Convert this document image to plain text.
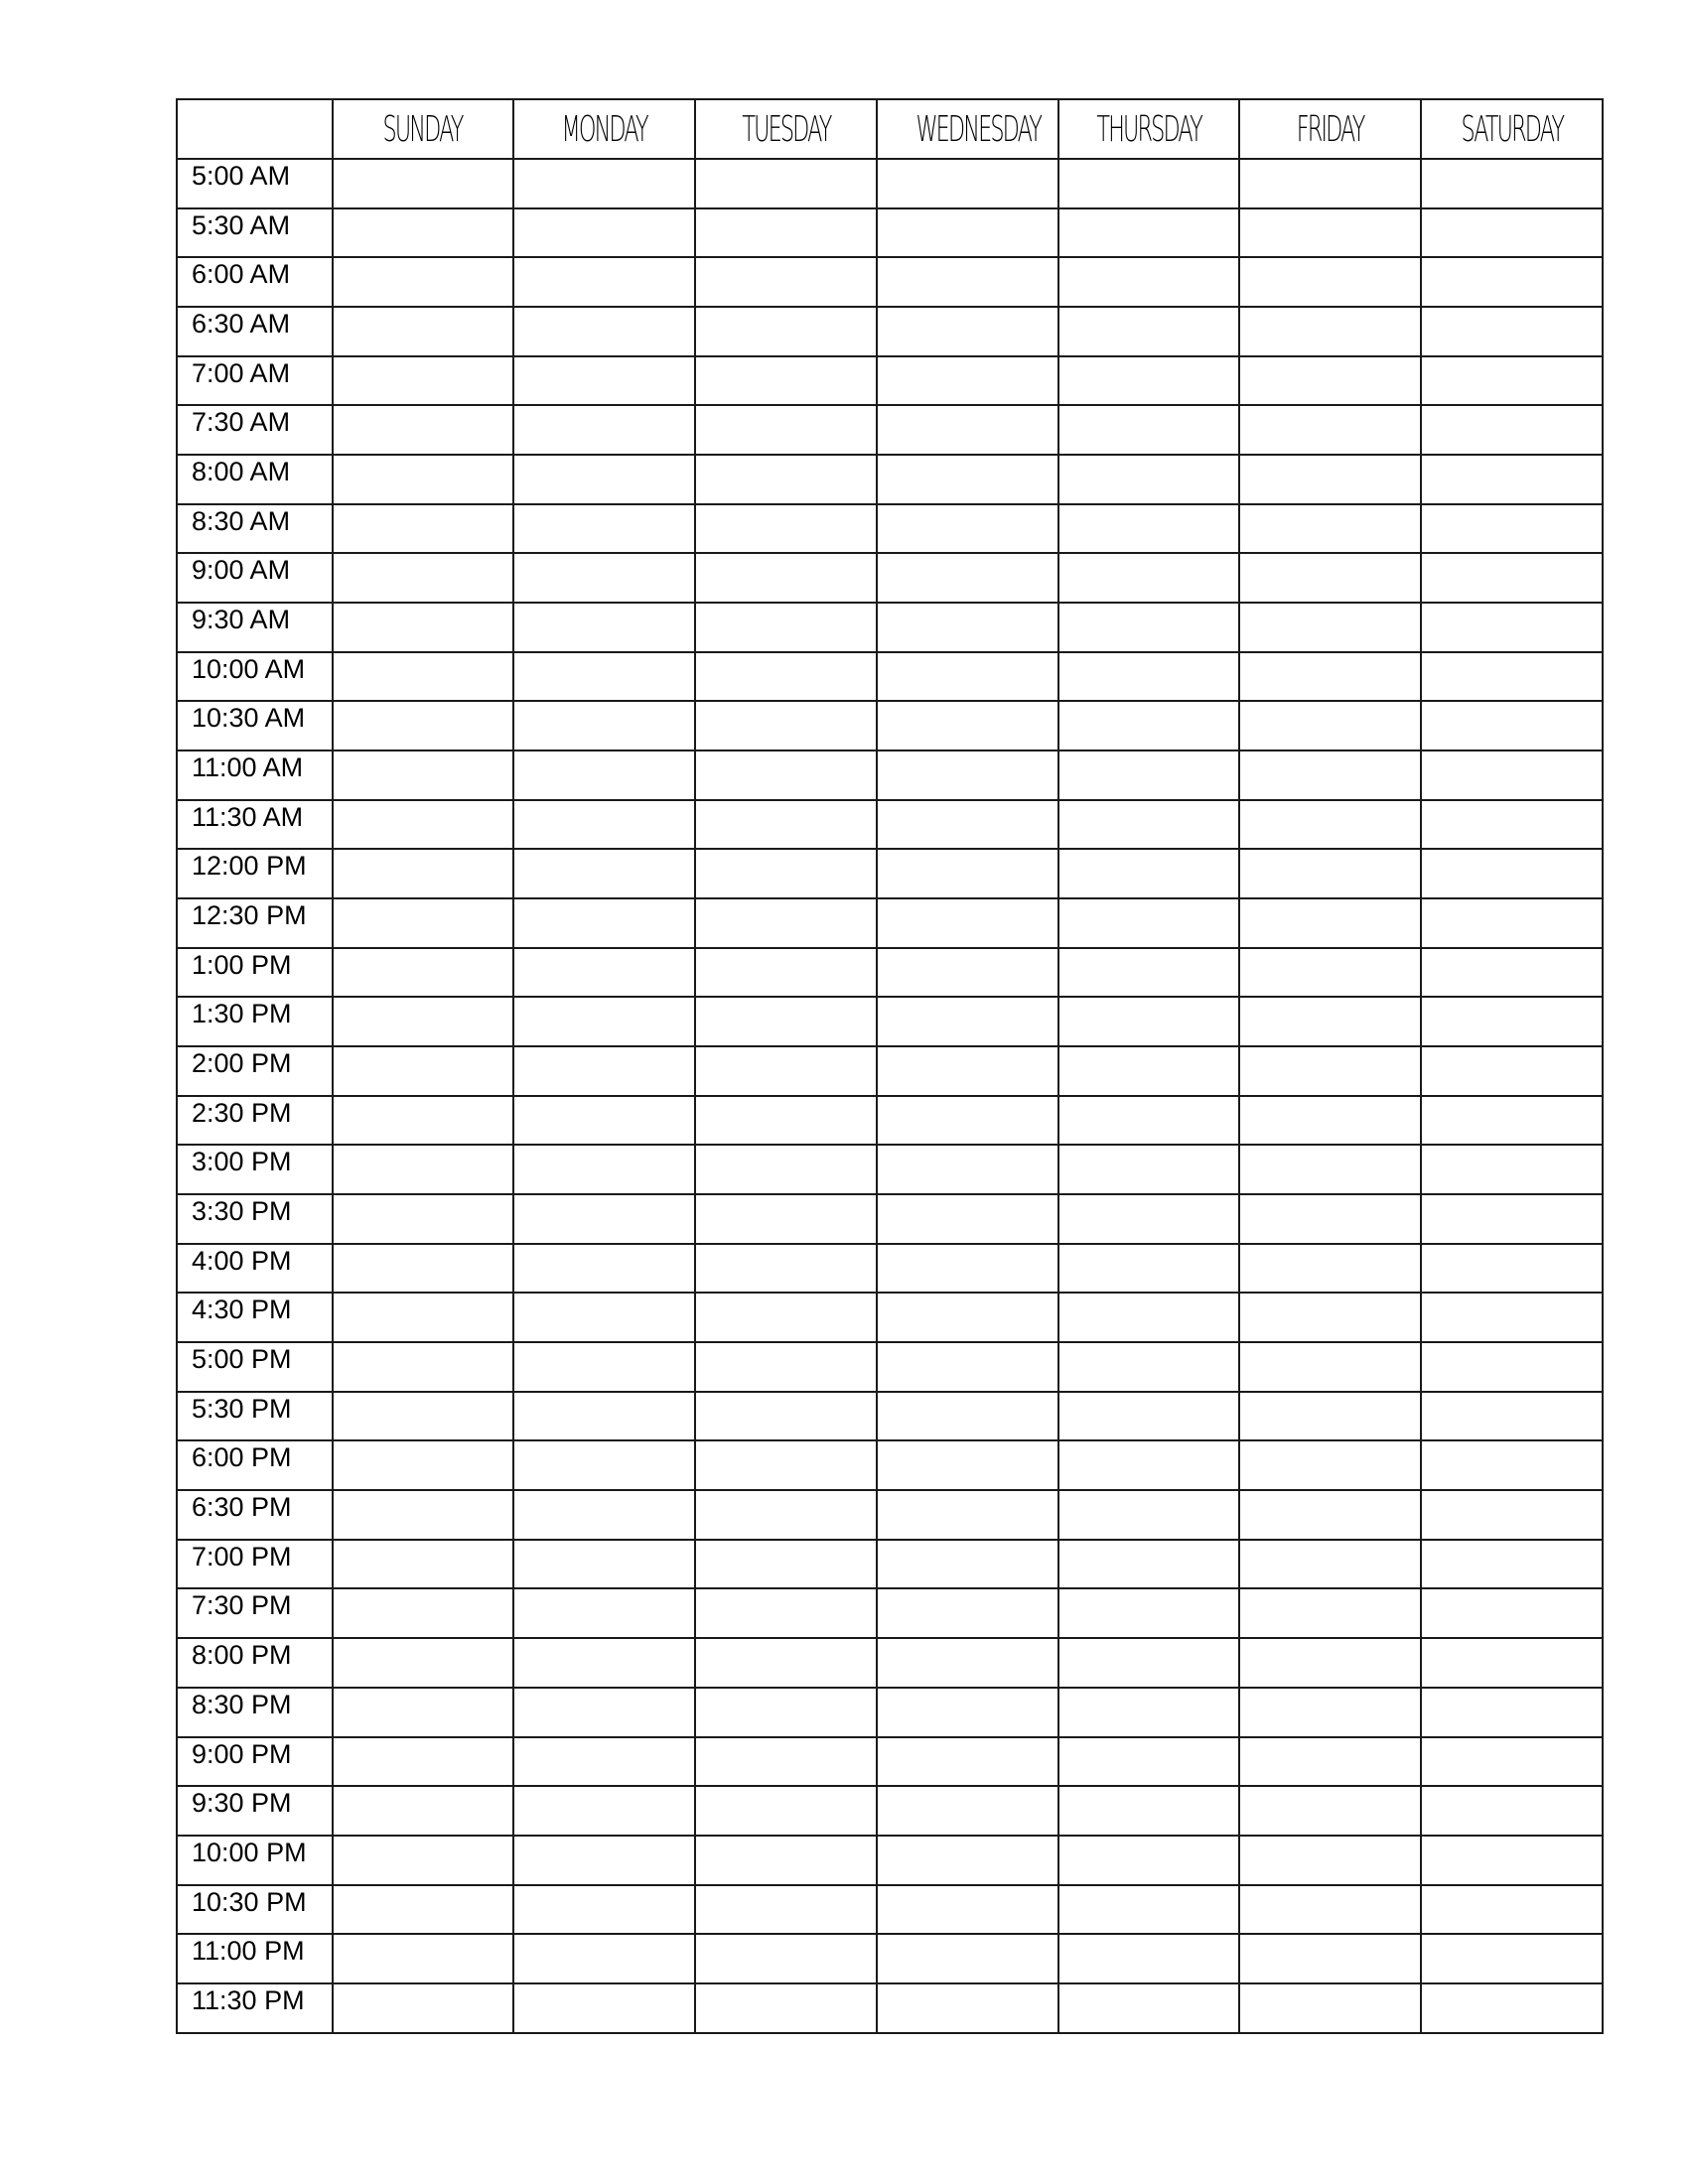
	SUNDAY	MONDAY	TUESDAY	WEDNESDAY	THURSDAY	FRIDAY	SATURDAY
5:00 AM							
5:30 AM							
6:00 AM							
6:30 AM							
7:00 AM							
7:30 AM							
8:00 AM							
8:30 AM							
9:00 AM							
9:30 AM							
10:00 AM							
10:30 AM							
11:00 AM							
11:30 AM							
12:00 PM							
12:30 PM							
1:00 PM							
1:30 PM							
2:00 PM							
2:30 PM							
3:00 PM							
3:30 PM							
4:00 PM							
4:30 PM							
5:00 PM							
5:30 PM							
6:00 PM							
6:30 PM							
7:00 PM							
7:30 PM							
8:00 PM							
8:30 PM							
9:00 PM							
9:30 PM							
10:00 PM							
10:30 PM							
11:00 PM							
11:30 PM							
